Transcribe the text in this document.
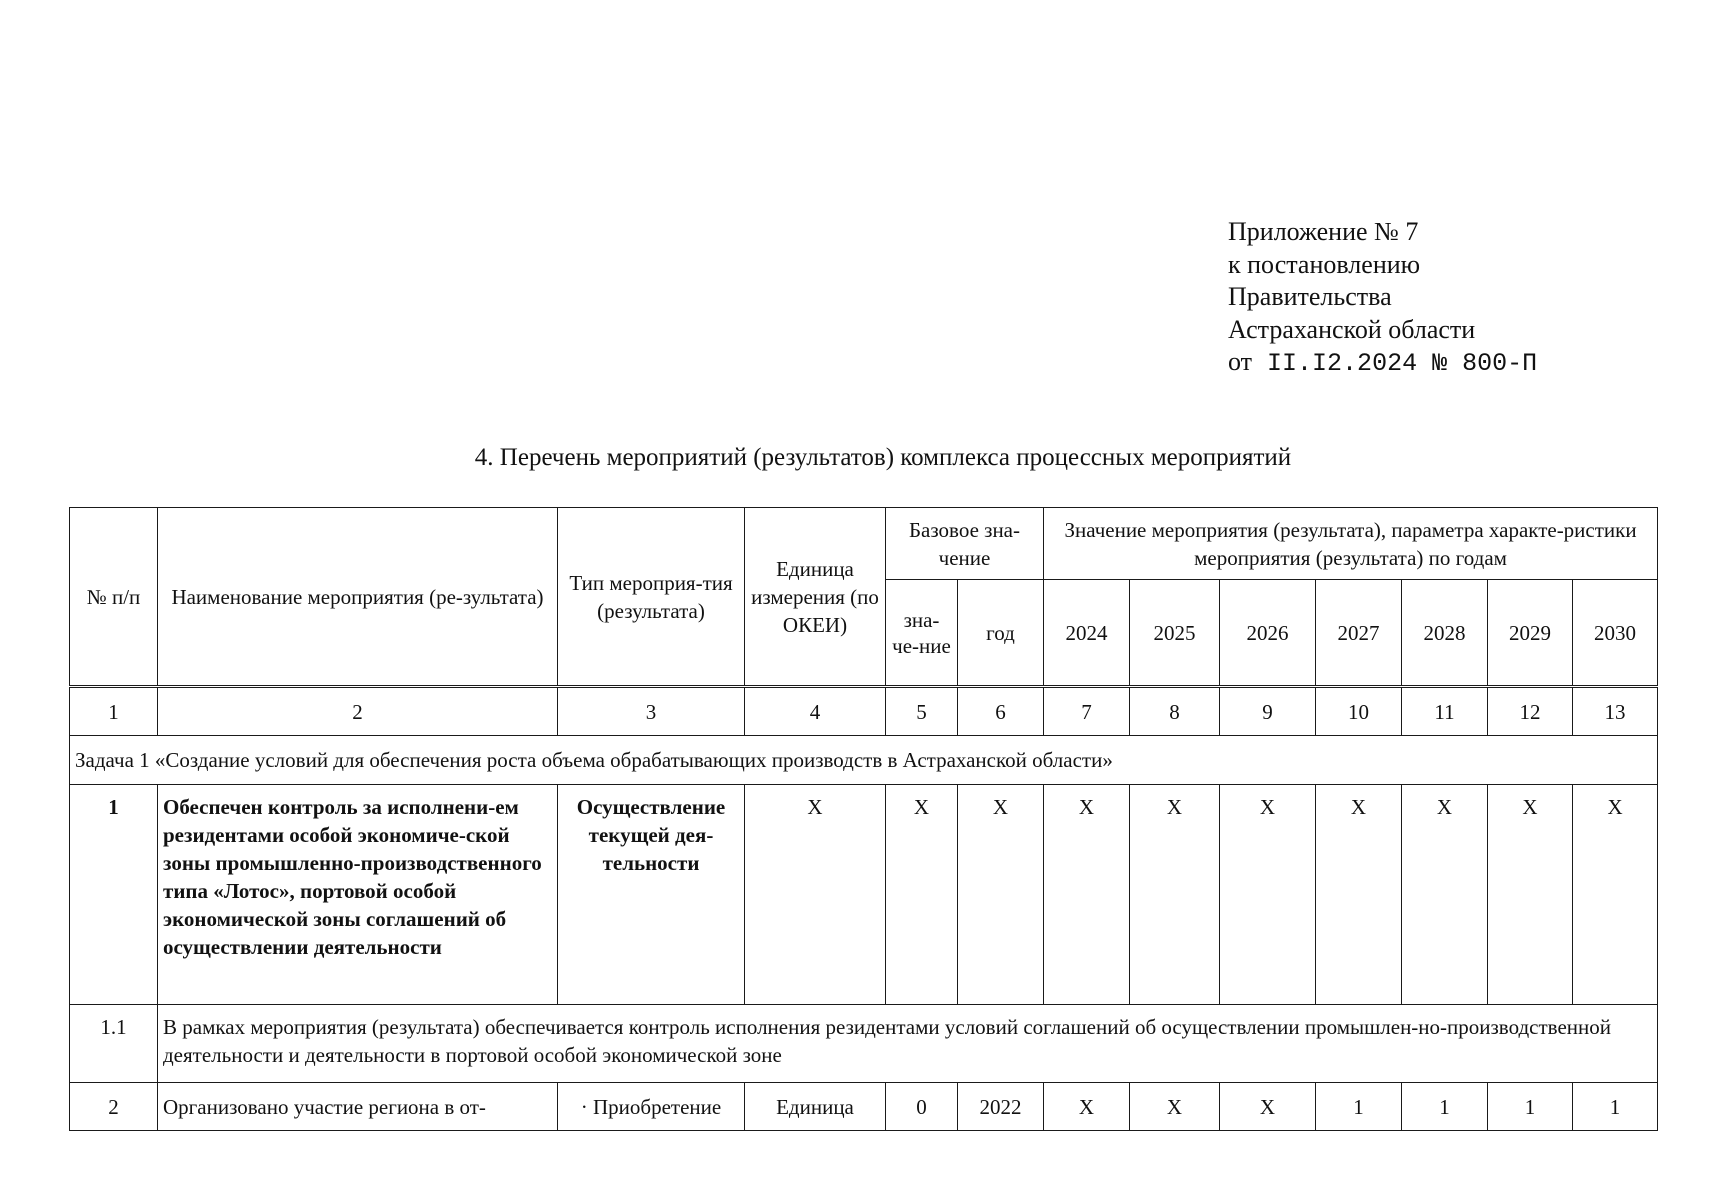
Приложение № 7
к постановлению
Правительства
Астраханской области
от II.I2.2024 № 800-П
4. Перечень мероприятий (результатов) комплекса процессных мероприятий
№ п/п	Наименование мероприятия (ре-зультата)	Тип мероприя-тия (результата)	Единица измерения (по ОКЕИ)	Базовое зна-чение		Значение мероприятия (результата), параметра характе-ристики мероприятия (результата) по годам						
				зна-че-ние	год	2024	2025	2026	2027	2028	2029	2030
1	2	3	4	5	6	7	8	9	10	11	12	13
Задача 1 «Создание условий для обеспечения роста объема обрабатывающих производств в Астраханской области»												
1	Обеспечен контроль за исполнени-ем резидентами особой экономиче-ской зоны промышленно-производственного типа «Лотос», портовой особой экономической зоны соглашений об осуществлении деятельности	Осуществление текущей дея-тельности	X	X	X	X	X	X	X	X	X	X
1.1	В рамках мероприятия (результата) обеспечивается контроль исполнения резидентами условий соглашений об осуществлении промышлен-но-производственной деятельности и деятельности в портовой особой экономической зоне											
2	Организовано участие региона в от-	· Приобретение	Единица	0	2022	X	X	X	1	1	1	1
